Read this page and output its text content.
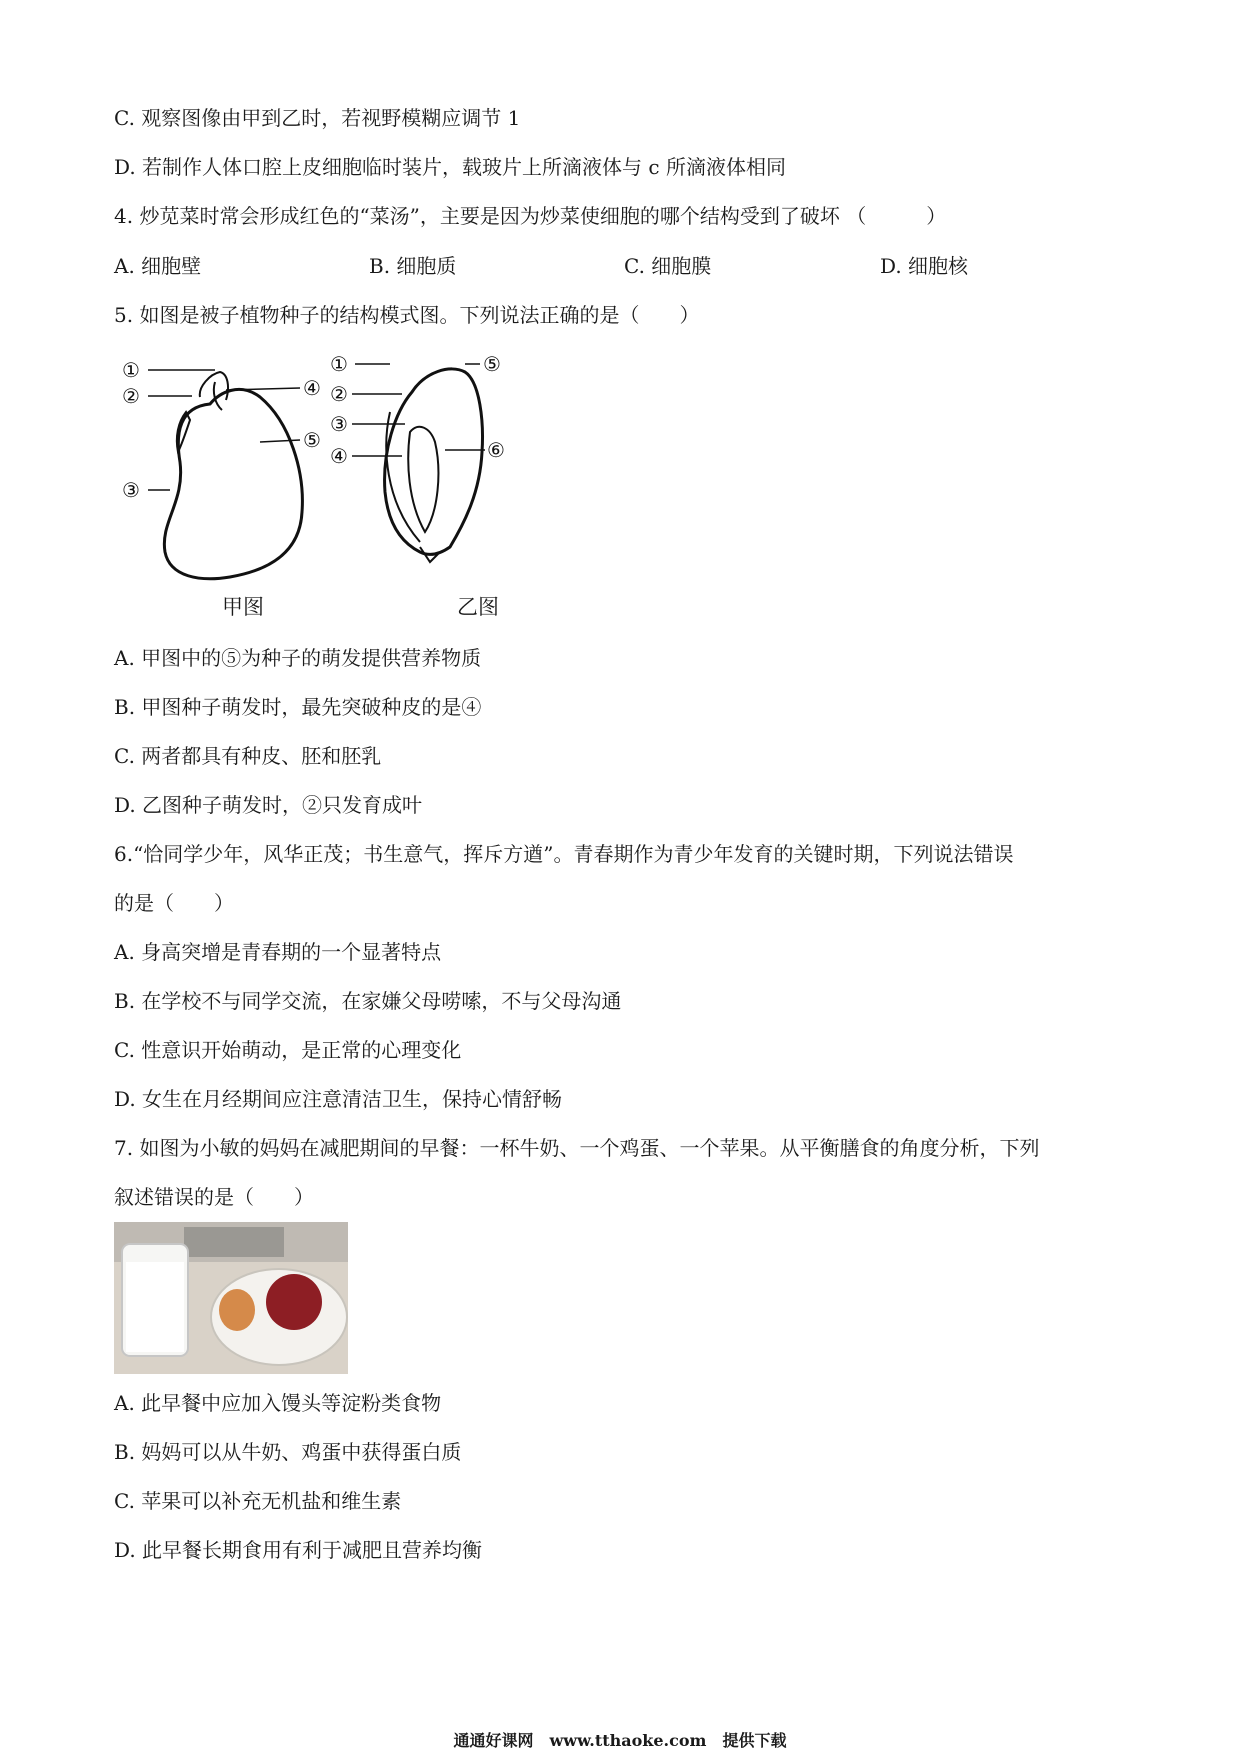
C. 观察图像由甲到乙时，若视野模糊应调节 1
D. 若制作人体口腔上皮细胞临时装片，载玻片上所滴液体与 c 所滴液体相同
4. 炒苋菜时常会形成红色的“菜汤”，主要是因为炒菜使细胞的哪个结构受到了破坏 （　　　）
A. 细胞壁	B. 细胞质	C. 细胞膜	D. 细胞核
5. 如图是被子植物种子的结构模式图。下列说法正确的是（　　）
①
②
③
④
⑤
①
②
③
④
⑤
⑥
甲图	乙图
A. 甲图中的⑤为种子的萌发提供营养物质
B. 甲图种子萌发时，最先突破种皮的是④
C. 两者都具有种皮、胚和胚乳
D. 乙图种子萌发时，②只发育成叶
6.“恰同学少年，风华正茂；书生意气，挥斥方遒”。青春期作为青少年发育的关键时期，下列说法错误
的是（　　）
A. 身高突增是青春期的一个显著特点
B. 在学校不与同学交流，在家嫌父母唠嗦，不与父母沟通
C. 性意识开始萌动，是正常的心理变化
D. 女生在月经期间应注意清洁卫生，保持心情舒畅
7. 如图为小敏的妈妈在减肥期间的早餐：一杯牛奶、一个鸡蛋、一个苹果。从平衡膳食的角度分析，下列
叙述错误的是（　　）
A. 此早餐中应加入馒头等淀粉类食物
B. 妈妈可以从牛奶、鸡蛋中获得蛋白质
C. 苹果可以补充无机盐和维生素
D. 此早餐长期食用有利于减肥且营养均衡
通通好课网　www.tthaoke.com　提供下载
